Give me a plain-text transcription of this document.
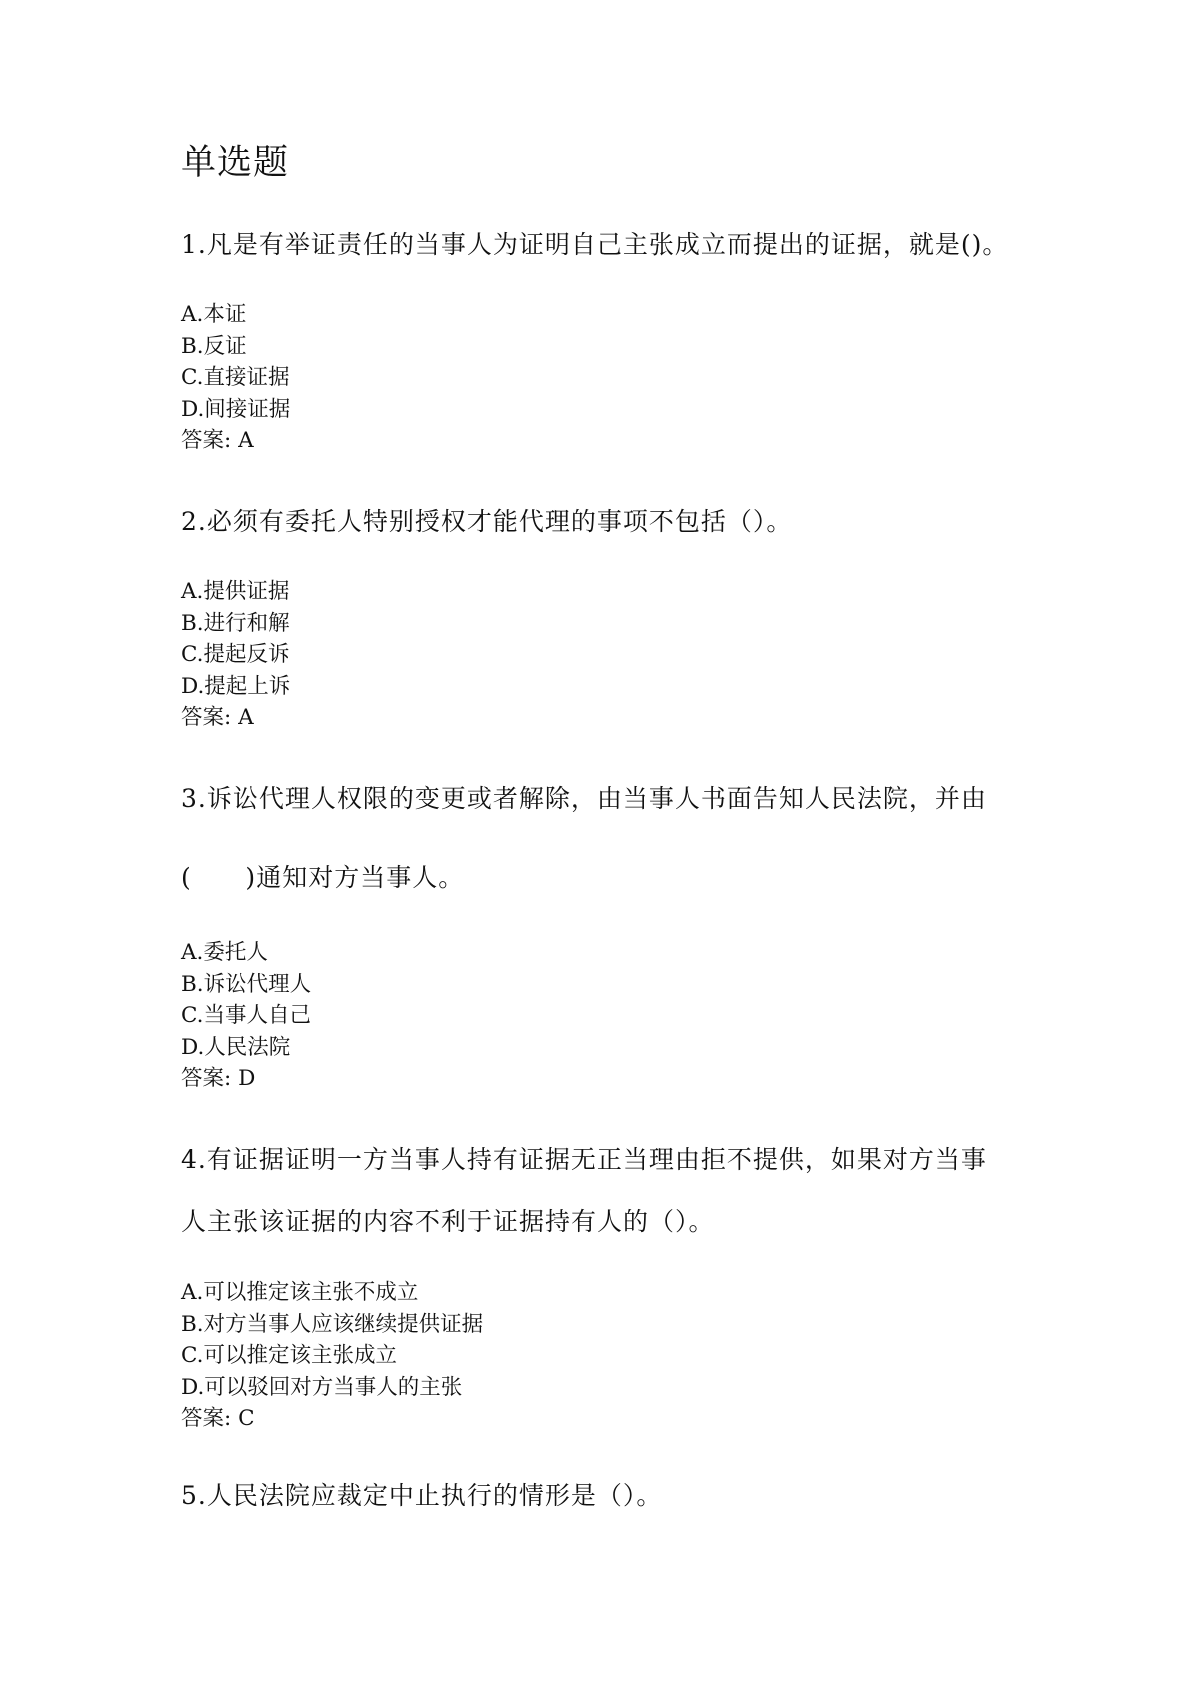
单选题
1.凡是有举证责任的当事人为证明自己主张成立而提出的证据，就是()。
A.本证
B.反证
C.直接证据
D.间接证据
答案: A
2.必须有委托人特别授权才能代理的事项不包括（）。
A.提供证据
B.进行和解
C.提起反诉
D.提起上诉
答案: A
3.诉讼代理人权限的变更或者解除，由当事人书面告知人民法院，并由
(      )通知对方当事人。
A.委托人
B.诉讼代理人
C.当事人自己
D.人民法院
答案: D
4.有证据证明一方当事人持有证据无正当理由拒不提供，如果对方当事
人主张该证据的内容不利于证据持有人的（）。
A.可以推定该主张不成立
B.对方当事人应该继续提供证据
C.可以推定该主张成立
D.可以驳回对方当事人的主张
答案: C
5.人民法院应裁定中止执行的情形是（）。
